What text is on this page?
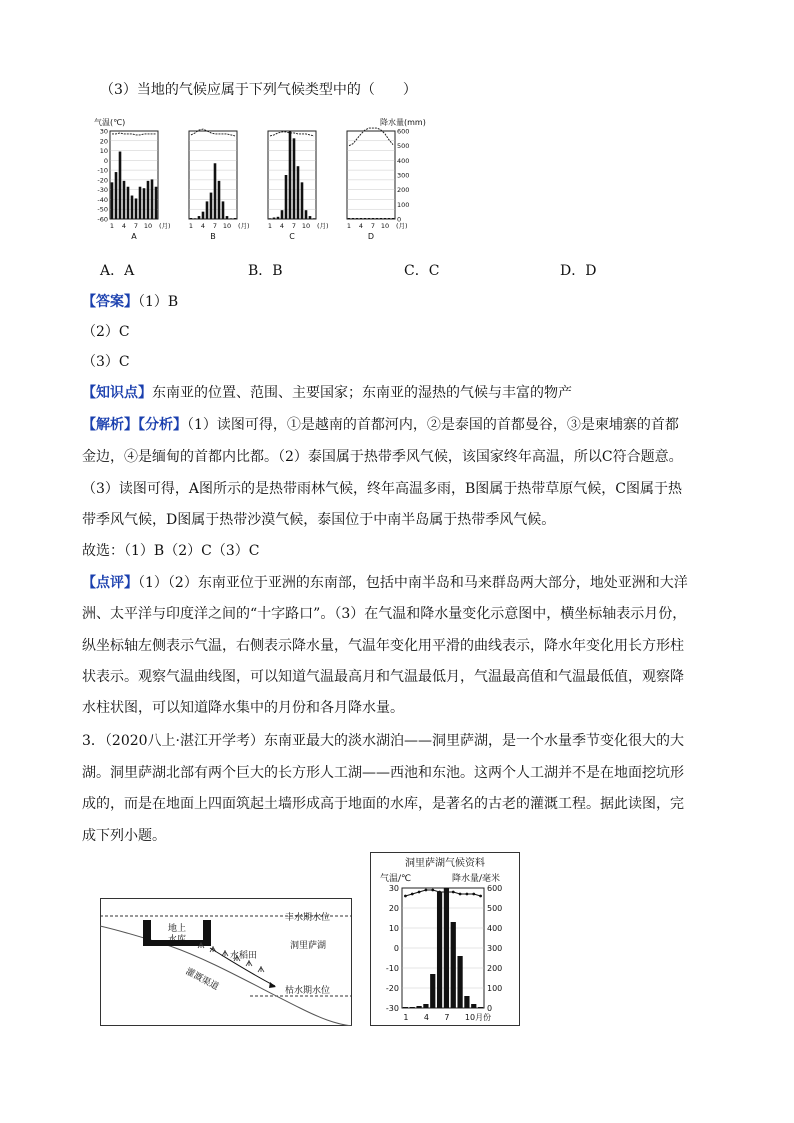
（3）当地的气候应属于下列气候类型中的（　　）
气温(℃)	降水量(mm)
1 4 7 10 (月)
A
30
20
10
0
-10
-20
-30
-40
-50
-60
1 4 7 10 (月)
B
1 4 7 10 (月)
C
1 4 7 10 (月)
D
600
500
400
300
200
100
0
A．A	B．B	C．C	D．D
【答案】（1）B
（2）C
（3）C
【知识点】东南亚的位置、范围、主要国家；东南亚的湿热的气候与丰富的物产
【解析】【分析】（1）读图可得，①是越南的首都河内，②是泰国的首都曼谷，③是柬埔寨的首都
金边，④是缅甸的首都内比都。（2）泰国属于热带季风气候，该国家终年高温，所以C符合题意。
（3）读图可得，A图所示的是热带雨林气候，终年高温多雨，B图属于热带草原气候，C图属于热
带季风气候，D图属于热带沙漠气候，泰国位于中南半岛属于热带季风气候。
故选：（1）B（2）C（3）C
【点评】（1）（2）东南亚位于亚洲的东南部，包括中南半岛和马来群岛两大部分，地处亚洲和大洋
洲、太平洋与印度洋之间的“十字路口”。（3）在气温和降水量变化示意图中，横坐标轴表示月份，
纵坐标轴左侧表示气温，右侧表示降水量，气温年变化用平滑的曲线表示，降水年变化用长方形柱
状表示。观察气温曲线图，可以知道气温最高月和气温最低月，气温最高值和气温最低值，观察降
水柱状图，可以知道降水集中的月份和各月降水量。
3．（2020八上·湛江开学考）东南亚最大的淡水湖泊——洞里萨湖，是一个水量季节变化很大的大
湖。洞里萨湖北部有两个巨大的长方形人工湖——西池和东池。这两个人工湖并不是在地面挖坑形
成的，而是在地面上四面筑起土墙形成高于地面的水库，是著名的古老的灌溉工程。据此读图，完
成下列小题。
地上
水库
丰水期水位
洞里萨湖
水稻田
灌溉渠道	枯水期水位
洞里萨湖气候资料
气温/℃	降水量/毫米
30
20
10
0
-10
-20
-30
600
500
400
300
200
100
0
1 4 7 10月份
